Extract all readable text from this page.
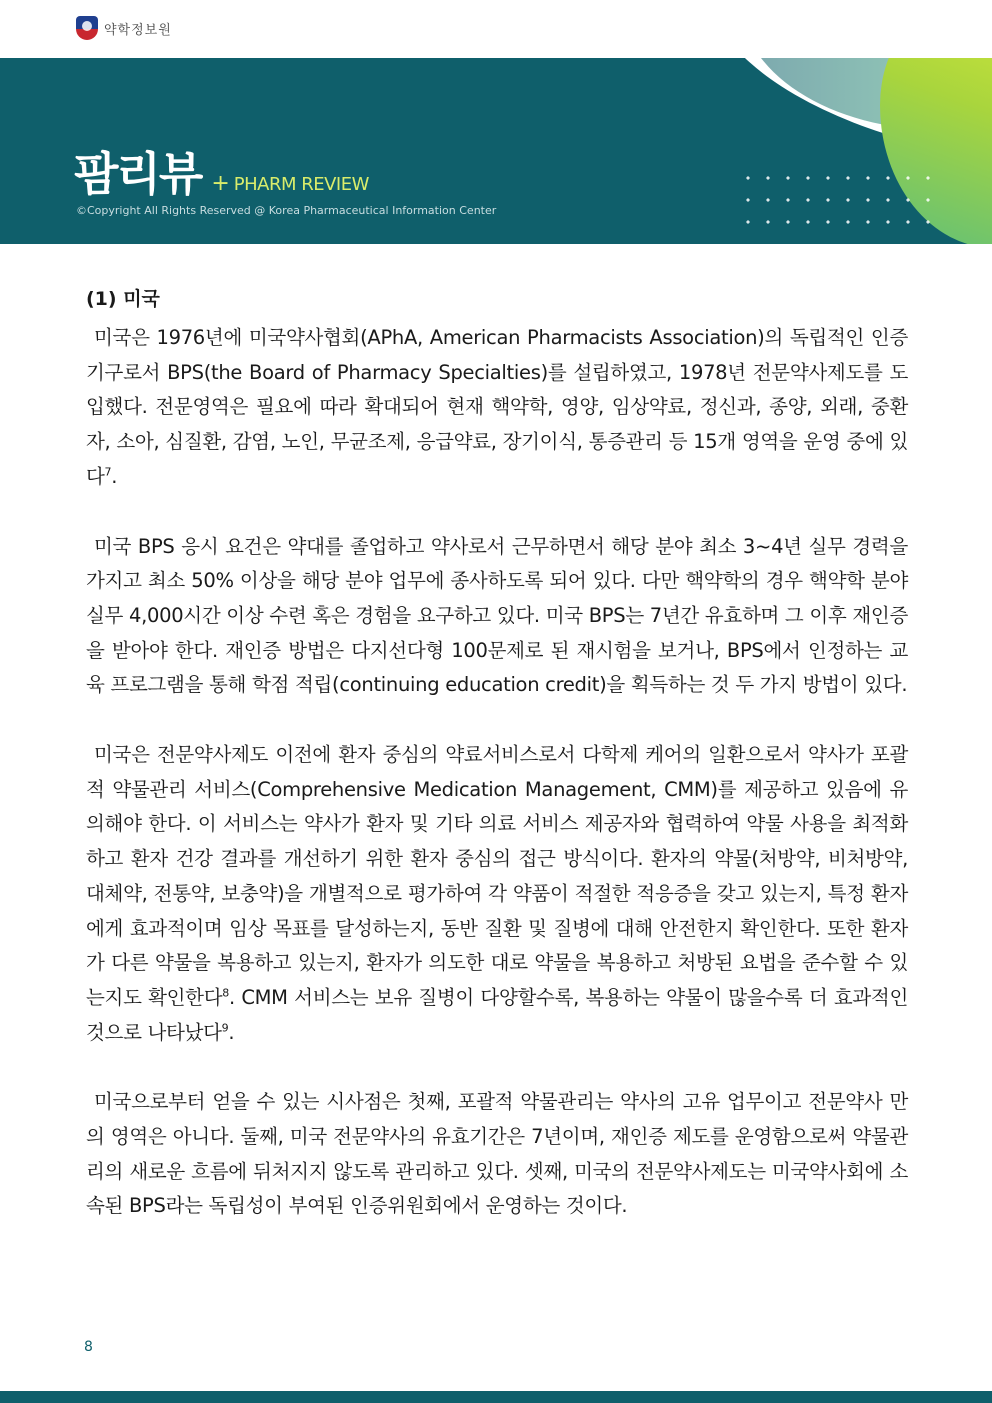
약학정보원
팜리뷰 + PHARM REVIEW
©Copyright All Rights Reserved @ Korea Pharmaceutical Information Center
(1) 미국

미국은 1976년에 미국약사협회(APhA, American Pharmacists Association)의 독립적인 인증기구로서 BPS(the Board of Pharmacy Specialties)를 설립하였고, 1978년 전문약사제도를 도입했다. 전문영역은 필요에 따라 확대되어 현재 핵약학, 영양, 임상약료, 정신과, 종양, 외래, 중환자, 소아, 심질환, 감염, 노인, 무균조제, 응급약료, 장기이식, 통증관리 등 15개 영역을 운영 중에 있다$^7$.

미국 BPS 응시 요건은 약대를 졸업하고 약사로서 근무하면서 해당 분야 최소 3~4년 실무 경력을 가지고 최소 50% 이상을 해당 분야 업무에 종사하도록 되어 있다. 다만 핵약학의 경우 핵약학 분야 실무 4,000시간 이상 수련 혹은 경험을 요구하고 있다. 미국 BPS는 7년간 유효하며 그 이후 재인증을 받아야 한다. 재인증 방법은 다지선다형 100문제로 된 재시험을 보거나, BPS에서 인정하는 교육 프로그램을 통해 학점 적립(continuing education credit)을 획득하는 것 두 가지 방법이 있다.

미국은 전문약사제도 이전에 환자 중심의 약료서비스로서 다학제 케어의 일환으로서 약사가 포괄적 약물관리 서비스(Comprehensive Medication Management, CMM)를 제공하고 있음에 유의해야 한다. 이 서비스는 약사가 환자 및 기타 의료 서비스 제공자와 협력하여 약물 사용을 최적화하고 환자 건강 결과를 개선하기 위한 환자 중심의 접근 방식이다. 환자의 약물(처방약, 비처방약, 대체약, 전통약, 보충약)을 개별적으로 평가하여 각 약품이 적절한 적응증을 갖고 있는지, 특정 환자에게 효과적이며 임상 목표를 달성하는지, 동반 질환 및 질병에 대해 안전한지 확인한다. 또한 환자가 다른 약물을 복용하고 있는지, 환자가 의도한 대로 약물을 복용하고 처방된 요법을 준수할 수 있는지도 확인한다$^8$. CMM 서비스는 보유 질병이 다양할수록, 복용하는 약물이 많을수록 더 효과적인 것으로 나타났다$^9$.

미국으로부터 얻을 수 있는 시사점은 첫째, 포괄적 약물관리는 약사의 고유 업무이고 전문약사 만의 영역은 아니다. 둘째, 미국 전문약사의 유효기간은 7년이며, 재인증 제도를 운영함으로써 약물관리의 새로운 흐름에 뒤처지지 않도록 관리하고 있다. 셋째, 미국의 전문약사제도는 미국약사회에 소속된 BPS라는 독립성이 부여된 인증위원회에서 운영하는 것이다.

8
